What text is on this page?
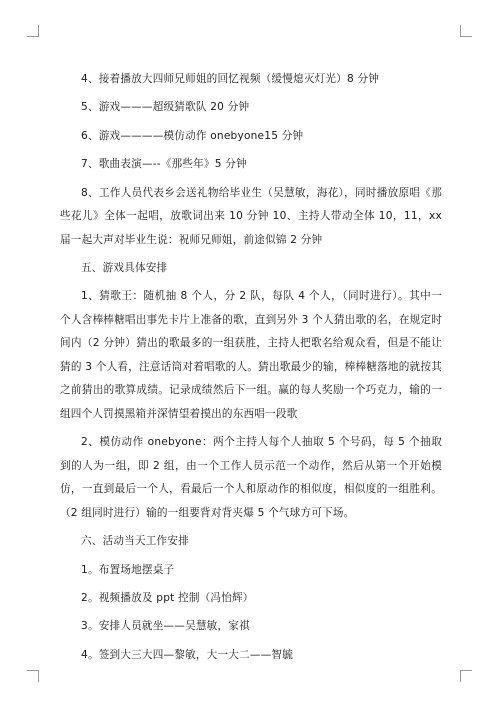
4、接着播放大四师兄师姐的回忆视频（缓慢熄灭灯光）8 分钟

5、游戏———超级猜歌队 20 分钟

6、游戏————模仿动作 onebyone15 分钟

7、歌曲表演—--《那些年》5 分钟

8、工作人员代表乡会送礼物给毕业生（吴慧敏，海花），同时播放原唱《那些花儿》全体一起唱，放歌词出来 10 分钟 10、主持人带动全体 10，11，xx 届一起大声对毕业生说：祝师兄师姐，前途似锦 2 分钟

五、游戏具体安排

1、猜歌王：随机抽 8 个人，分 2 队，每队 4 个人，（同时进行）。其中一个人含棒棒糖唱出事先卡片上准备的歌，直到另外 3 个人猜出歌的名，在规定时间内（2 分钟）猜出的歌最多的一组获胜，主持人把歌名给观众看，但是不能让猜的 3 个人看，注意话筒对着唱歌的人。猜出歌最少的输，棒棒糖落地的就按其之前猜出的歌算成绩。记录成绩然后下一组。赢的每人奖励一个巧克力，输的一组四个人罚摸黑箱并深情望着摸出的东西唱一段歌

2、模仿动作 onebyone：两个主持人每个人抽取 5 个号码，每 5 个抽取到的人为一组，即 2 组，由一个工作人员示范一个动作，然后从第一个开始模仿，一直到最后一个人，看最后一个人和原动作的相似度，相似度的一组胜利。（2 组同时进行）输的一组要背对背夹爆 5 个气球方可下场。

六、活动当天工作安排

1。布置场地摆桌子

2。视频播放及 ppt 控制（冯怡辉）

3。安排人员就坐——吴慧敏，家祺

4。签到大三大四—黎敏，大一大二——智毓
